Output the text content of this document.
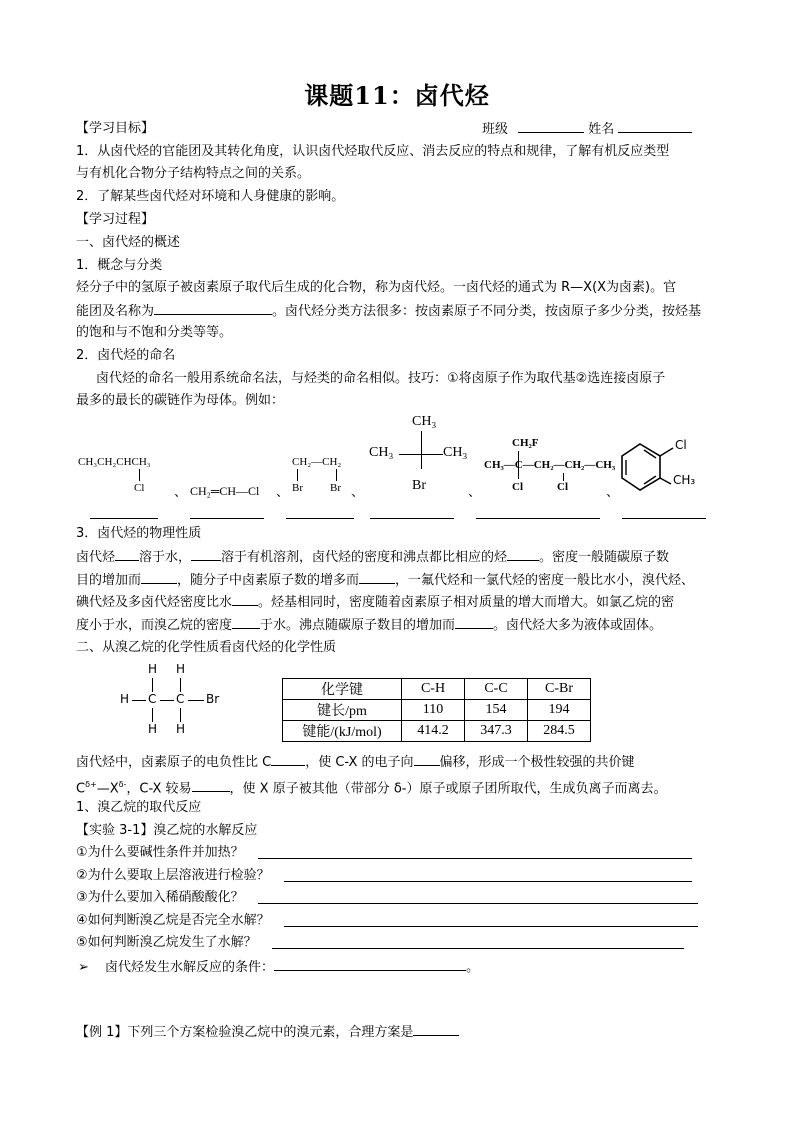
课题11：卤代烃
【学习目标】	班级	姓名
1．从卤代烃的官能团及其转化角度，认识卤代烃取代反应、消去反应的特点和规律，了解有机反应类型
与有机化合物分子结构特点之间的关系。
2．了解某些卤代烃对环境和人身健康的影响。
【学习过程】
一、卤代烃的概述
1．概念与分类
烃分子中的氢原子被卤素原子取代后生成的化合物，称为卤代烃。一卤代烃的通式为 R—X(X为卤素)。官
能团及名称为	。卤代烃分类方法很多：按卤素原子不同分类，按卤原子多少分类，按烃基
的饱和与不饱和分类等等。
2．卤代烃的命名
卤代烃的命名一般用系统命名法，与烃类的命名相似。技巧：①将卤原子作为取代基②选连接卤原子
最多的最长的碳链作为母体。例如：
CH₃CH₂CHCH₃
Cl 、 CH₂═CH—Cl 、
CH₂—CH₂
Br Br 、
CH₃
CH₃	CH₃
Br	、
CH₂F
CH₃—C—CH₂—CH₂—CH₃
Cl	Cl	、
Cl
CH₃
3．卤代烃的物理性质
卤代烃 溶于水， 溶于有机溶剂，卤代烃的密度和沸点都比相应的烃 。密度一般随碳原子数
目的增加而	，随分子中卤素原子数的增多而	，一氟代烃和一氯代烃的密度一般比水小，溴代烃、
碘代烃及多卤代烃密度比水 。烃基相同时，密度随着卤素原子相对质量的增大而增大。如氯乙烷的密
度小于水，而溴乙烷的密度 于水。沸点随碳原子数目的增加而	。卤代烃大多为液体或固体。
二、从溴乙烷的化学性质看卤代烃的化学性质
H H
H C C Br
H H
化学键	C-H	C-C	C-Br
键长/pm	110	154	194
键能/(kJ/mol)	414.2	347.3	284.5
卤代烃中，卤素原子的电负性比 C	，使 C-X 的电子向 偏移，形成一个极性较强的共价键
$C^{\delta+}—X^{\delta-}$，C-X 较易	，使 X 原子被其他（带部分 δ-）原子或原子团所取代，生成负离子而离去。
1、溴乙烷的取代反应
【实验 3-1】溴乙烷的水解反应
①为什么要碱性条件并加热？
②为什么要取上层溶液进行检验？
③为什么要加入稀硝酸酸化？
④如何判断溴乙烷是否完全水解？
⑤如何判断溴乙烷发生了水解？
➢ 卤代烃发生水解反应的条件：	。
【例 1】下列三个方案检验溴乙烷中的溴元素，合理方案是
